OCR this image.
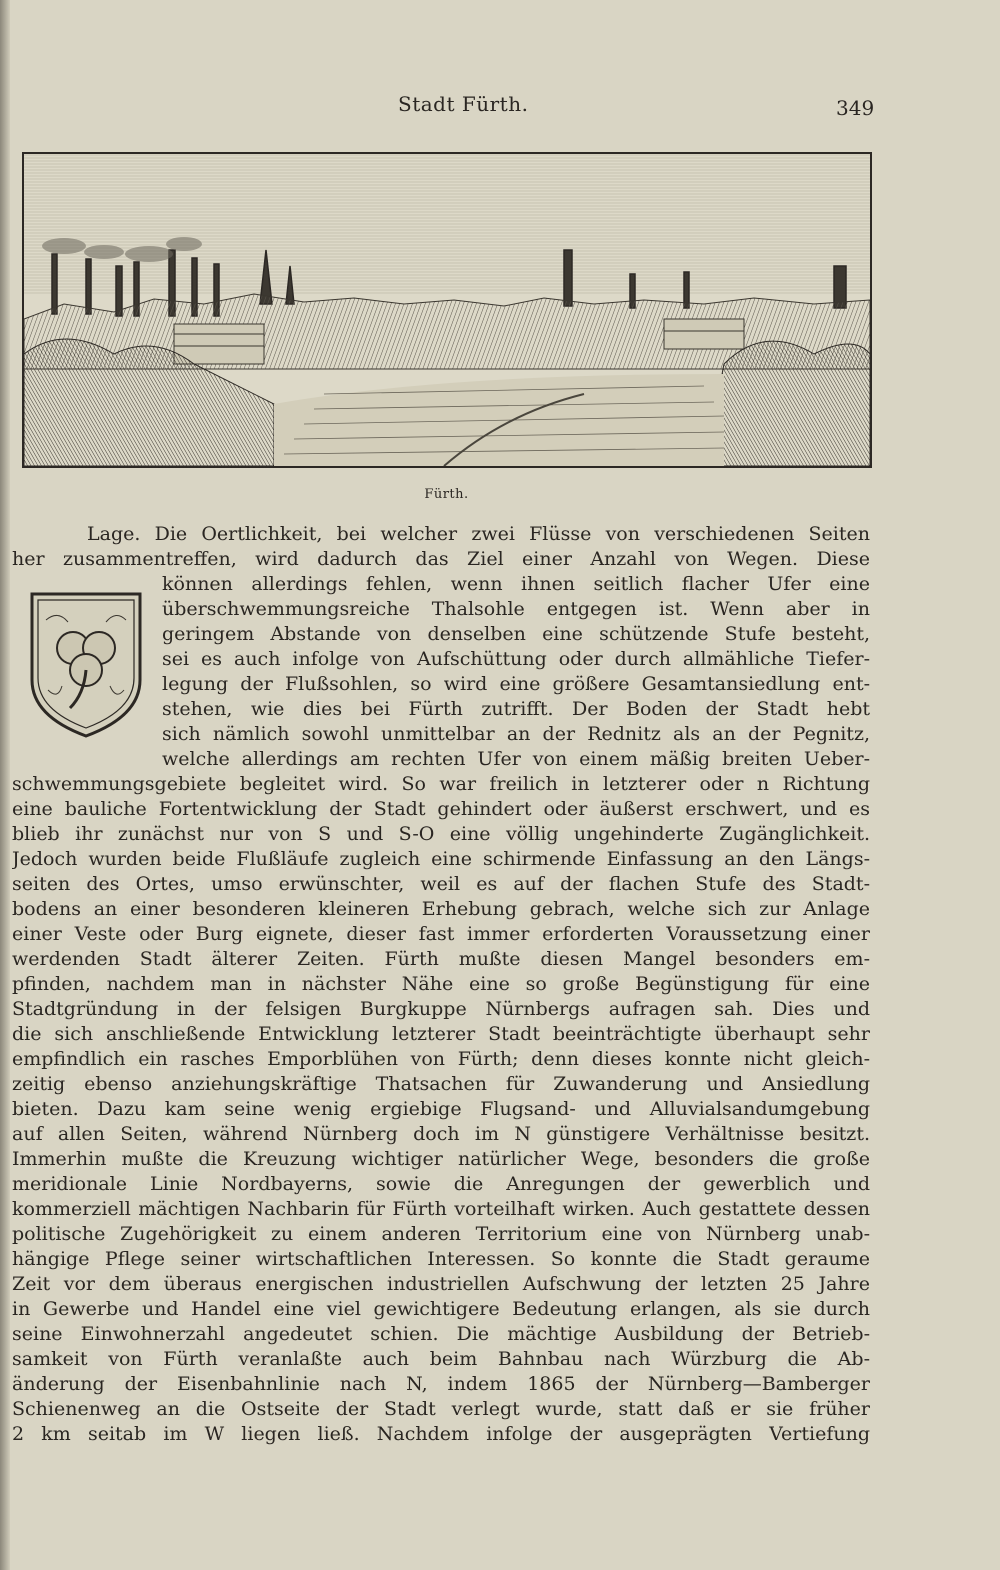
Stadt Fürth.	349
Fürth.
Lage. Die Oertlichkeit, bei welcher zwei Flüsse von verschiedenen Seiten
her zusammentreffen, wird dadurch das Ziel einer Anzahl von Wegen. Diese
können allerdings fehlen, wenn ihnen seitlich flacher Ufer eine
überschwemmungsreiche Thalsohle entgegen ist. Wenn aber in
geringem Abstande von denselben eine schützende Stufe besteht,
sei es auch infolge von Aufschüttung oder durch allmähliche Tiefer-
legung der Flußsohlen, so wird eine größere Gesamtansiedlung ent-
stehen, wie dies bei Fürth zutrifft. Der Boden der Stadt hebt
sich nämlich sowohl unmittelbar an der Rednitz als an der Pegnitz,
welche allerdings am rechten Ufer von einem mäßig breiten Ueber-
schwemmungsgebiete begleitet wird. So war freilich in letzterer oder n Richtung
eine bauliche Fortentwicklung der Stadt gehindert oder äußerst erschwert, und es
blieb ihr zunächst nur von S und S-O eine völlig ungehinderte Zugänglichkeit.
Jedoch wurden beide Flußläufe zugleich eine schirmende Einfassung an den Längs-
seiten des Ortes, umso erwünschter, weil es auf der flachen Stufe des Stadt-
bodens an einer besonderen kleineren Erhebung gebrach, welche sich zur Anlage
einer Veste oder Burg eignete, dieser fast immer erforderten Voraussetzung einer
werdenden Stadt älterer Zeiten. Fürth mußte diesen Mangel besonders em-
pfinden, nachdem man in nächster Nähe eine so große Begünstigung für eine
Stadtgründung in der felsigen Burgkuppe Nürnbergs aufragen sah. Dies und
die sich anschließende Entwicklung letzterer Stadt beeinträchtigte überhaupt sehr
empfindlich ein rasches Emporblühen von Fürth; denn dieses konnte nicht gleich-
zeitig ebenso anziehungskräftige Thatsachen für Zuwanderung und Ansiedlung
bieten. Dazu kam seine wenig ergiebige Flugsand- und Alluvialsandumgebung
auf allen Seiten, während Nürnberg doch im N günstigere Verhältnisse besitzt.
Immerhin mußte die Kreuzung wichtiger natürlicher Wege, besonders die große
meridionale Linie Nordbayerns, sowie die Anregungen der gewerblich und
kommerziell mächtigen Nachbarin für Fürth vorteilhaft wirken. Auch gestattete dessen
politische Zugehörigkeit zu einem anderen Territorium eine von Nürnberg unab-
hängige Pflege seiner wirtschaftlichen Interessen. So konnte die Stadt geraume
Zeit vor dem überaus energischen industriellen Aufschwung der letzten 25 Jahre
in Gewerbe und Handel eine viel gewichtigere Bedeutung erlangen, als sie durch
seine Einwohnerzahl angedeutet schien. Die mächtige Ausbildung der Betrieb-
samkeit von Fürth veranlaßte auch beim Bahnbau nach Würzburg die Ab-
änderung der Eisenbahnlinie nach N, indem 1865 der Nürnberg—Bamberger
Schienenweg an die Ostseite der Stadt verlegt wurde, statt daß er sie früher
2 km seitab im W liegen ließ. Nachdem infolge der ausgeprägten Vertiefung
